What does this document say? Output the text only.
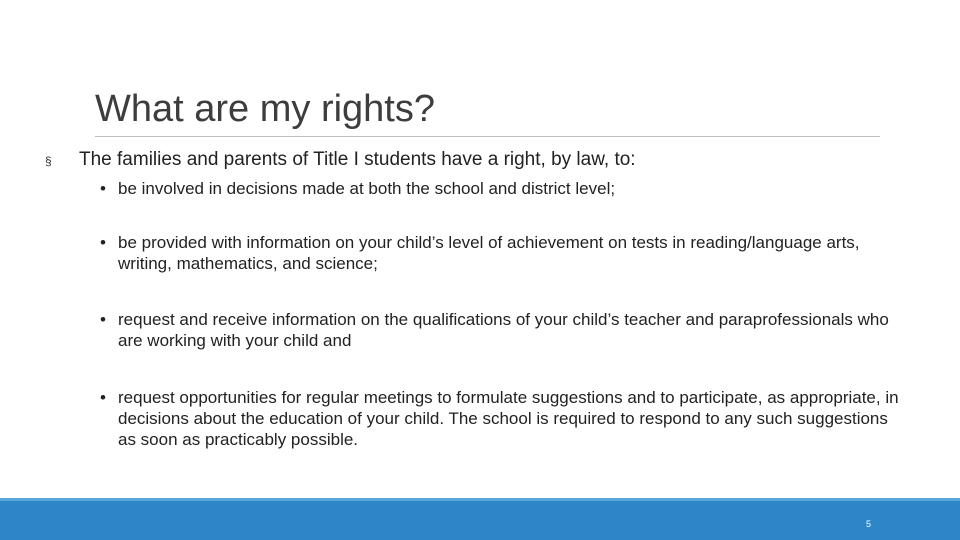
What are my rights?
§ The families and parents of Title I students have a right, by law, to:
• be involved in decisions made at both the school and district level;
• be provided with information on your child’s level of achievement on tests in reading/language arts, writing, mathematics, and science;
• request and receive information on the qualifications of your child’s teacher and paraprofessionals who are working with your child and
• request opportunities for regular meetings to formulate suggestions and to participate, as appropriate, in decisions about the education of your child. The school is required to respond to any such suggestions as soon as practicably possible.
5
